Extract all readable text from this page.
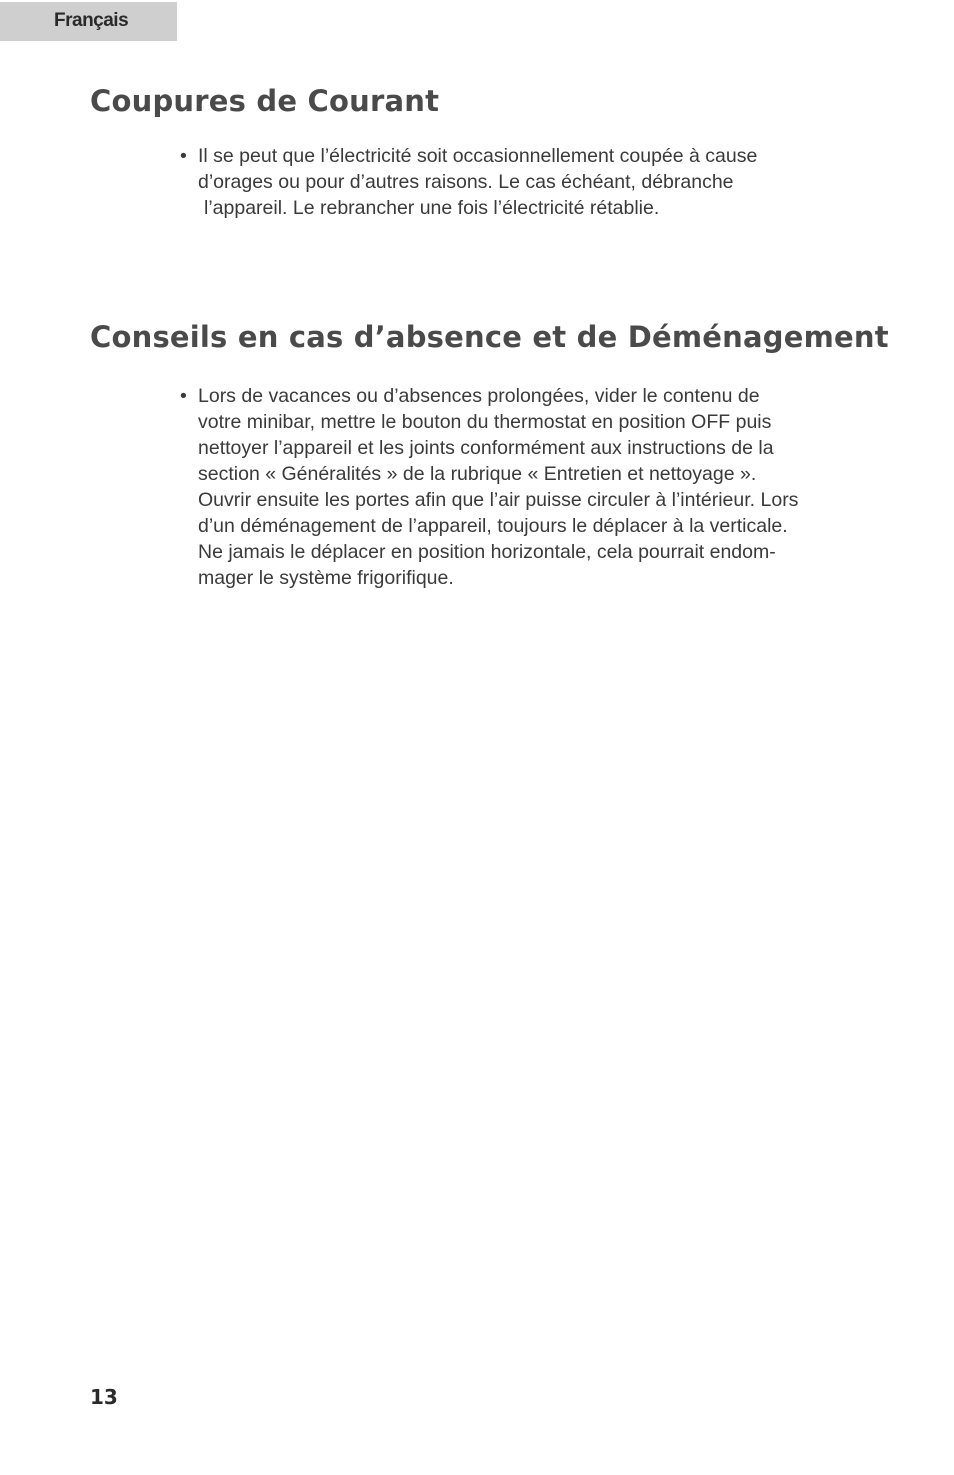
Français
Coupures de Courant
• Il se peut que l’électricité soit occasionnellement coupée à cause
d’orages ou pour d’autres raisons. Le cas échéant, débranche
l’appareil. Le rebrancher une fois l’électricité rétablie.
Conseils en cas d’absence et de Déménagement
• Lors de vacances ou d’absences prolongées, vider le contenu de
votre minibar, mettre le bouton du thermostat en position OFF puis
nettoyer l’appareil et les joints conformément aux instructions de la
section « Généralités » de la rubrique « Entretien et nettoyage ».
Ouvrir ensuite les portes afin que l’air puisse circuler à l’intérieur. Lors
d’un déménagement de l’appareil, toujours le déplacer à la verticale.
Ne jamais le déplacer en position horizontale, cela pourrait endom-
mager le système frigorifique.
13
